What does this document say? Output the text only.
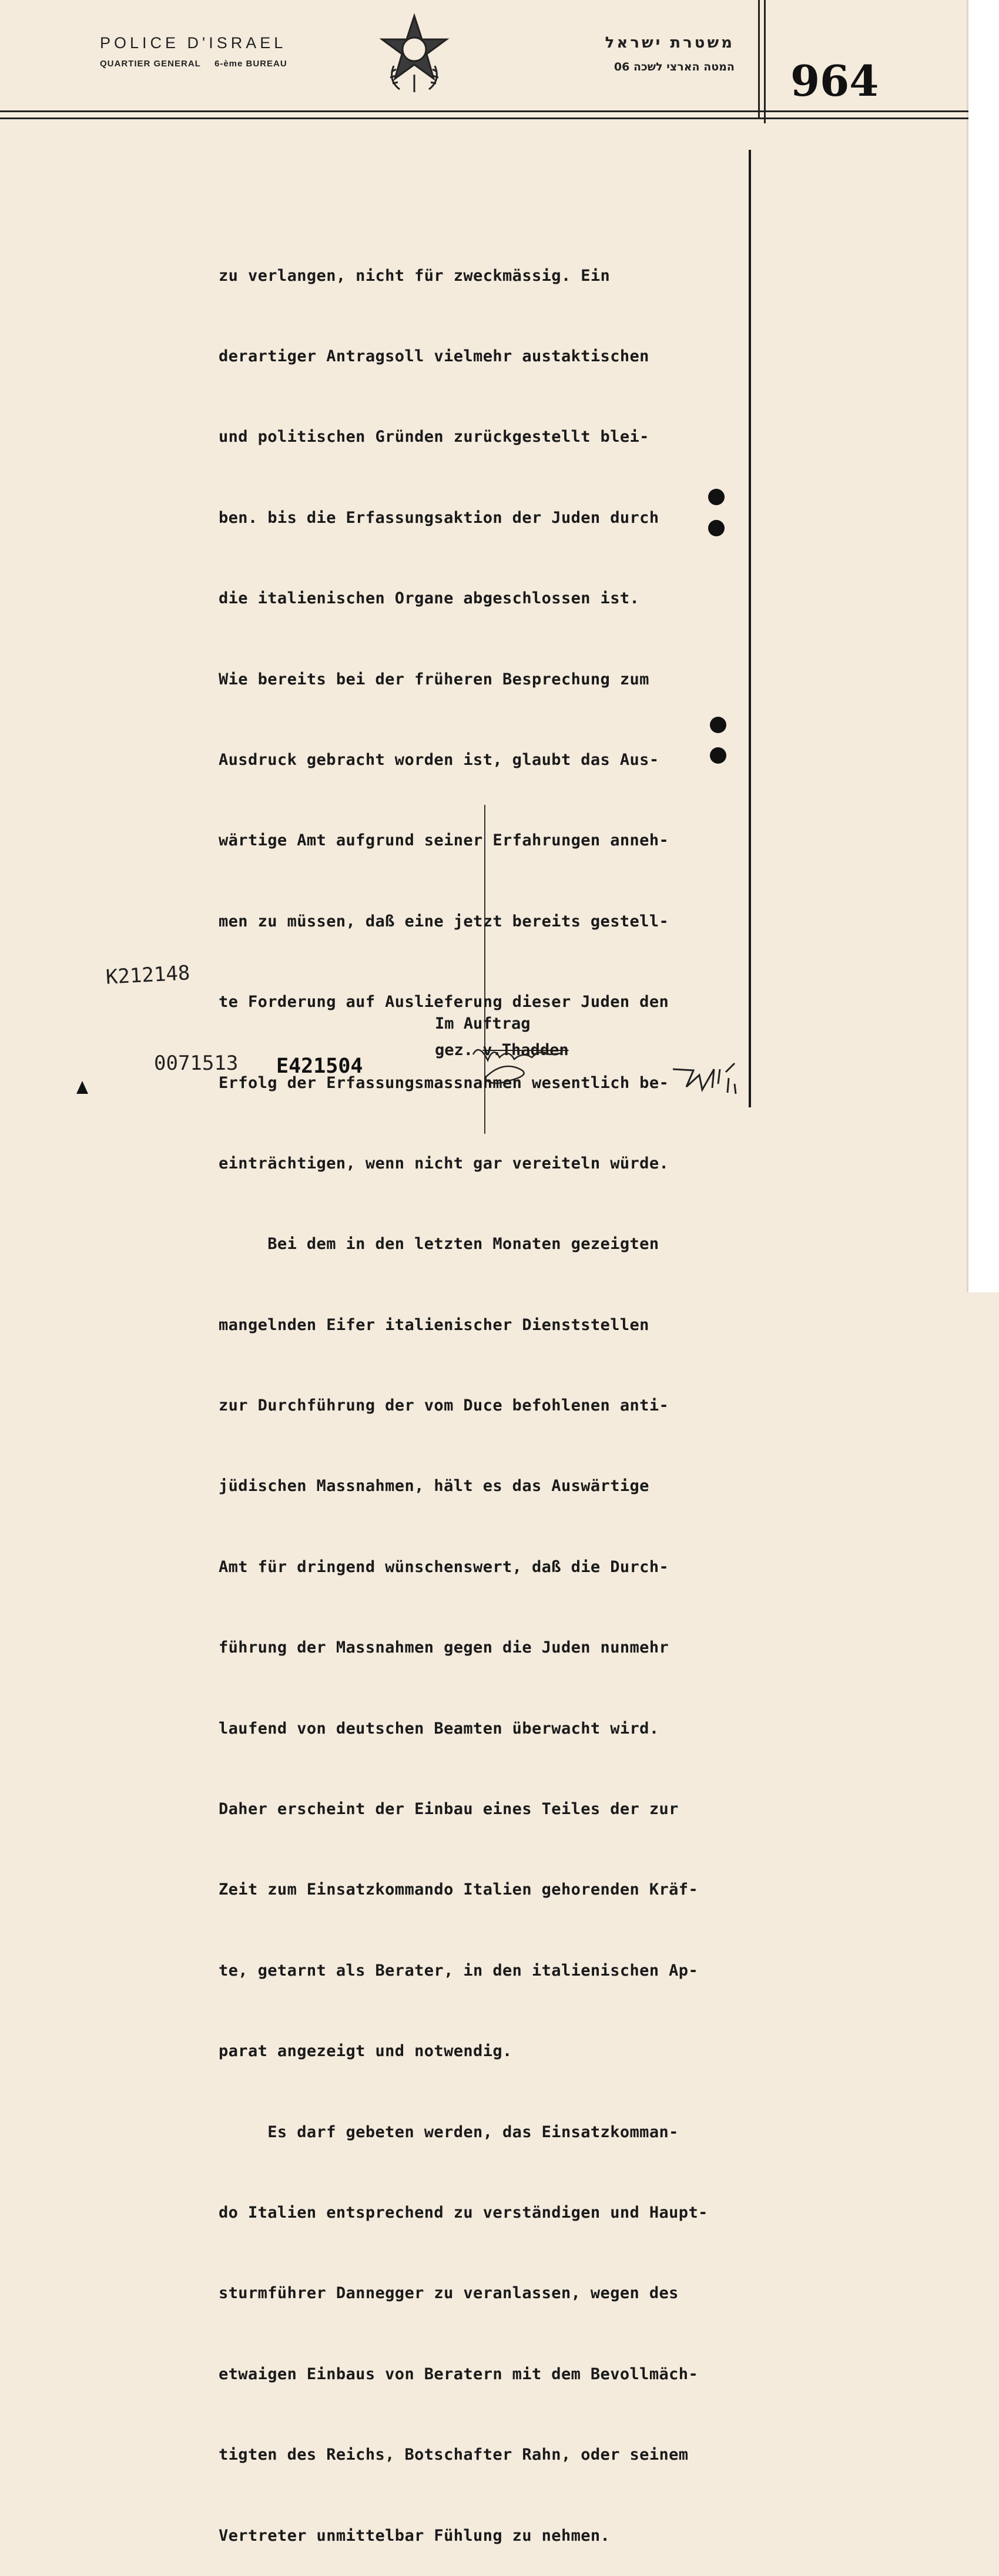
POLICE D'ISRAEL
QUARTIER GENERAL 6-ème BUREAU
משטרת ישראל
המטה הארצי לשכה 06 964

zu verlangen, nicht für zweckmässig. Ein

derartiger Antragsoll vielmehr austaktischen

und politischen Gründen zurückgestellt blei-

ben. bis die Erfassungsaktion der Juden durch

die italienischen Organe abgeschlossen ist.

Wie bereits bei der früheren Besprechung zum

Ausdruck gebracht worden ist, glaubt das Aus-

wärtige Amt aufgrund seiner Erfahrungen anneh-

men zu müssen, daß eine jetzt bereits gestell-

te Forderung auf Auslieferung dieser Juden den

Erfolg der Erfassungsmassnahmen wesentlich be-

einträchtigen, wenn nicht gar vereiteln würde.

Bei dem in den letzten Monaten gezeigten

mangelnden Eifer italienischer Dienststellen

zur Durchführung der vom Duce befohlenen anti-

jüdischen Massnahmen, hält es das Auswärtige

Amt für dringend wünschenswert, daß die Durch-

führung der Massnahmen gegen die Juden nunmehr

laufend von deutschen Beamten überwacht wird.

Daher erscheint der Einbau eines Teiles der zur

Zeit zum Einsatzkommando Italien gehorenden Kräf-

te, getarnt als Berater, in den italienischen Ap-

parat angezeigt und notwendig.

Es darf gebeten werden, das Einsatzkomman-

do Italien entsprechend zu verständigen und Haupt-

sturmführer Dannegger zu veranlassen, wegen des

etwaigen Einbaus von Beratern mit dem Bevollmäch-

tigten des Reichs, Botschafter Rahn, oder seinem

Vertreter unmittelbar Fühlung zu nehmen.

Im Auftrag
gez. v.Thadden
K212148
0071513 E421504
